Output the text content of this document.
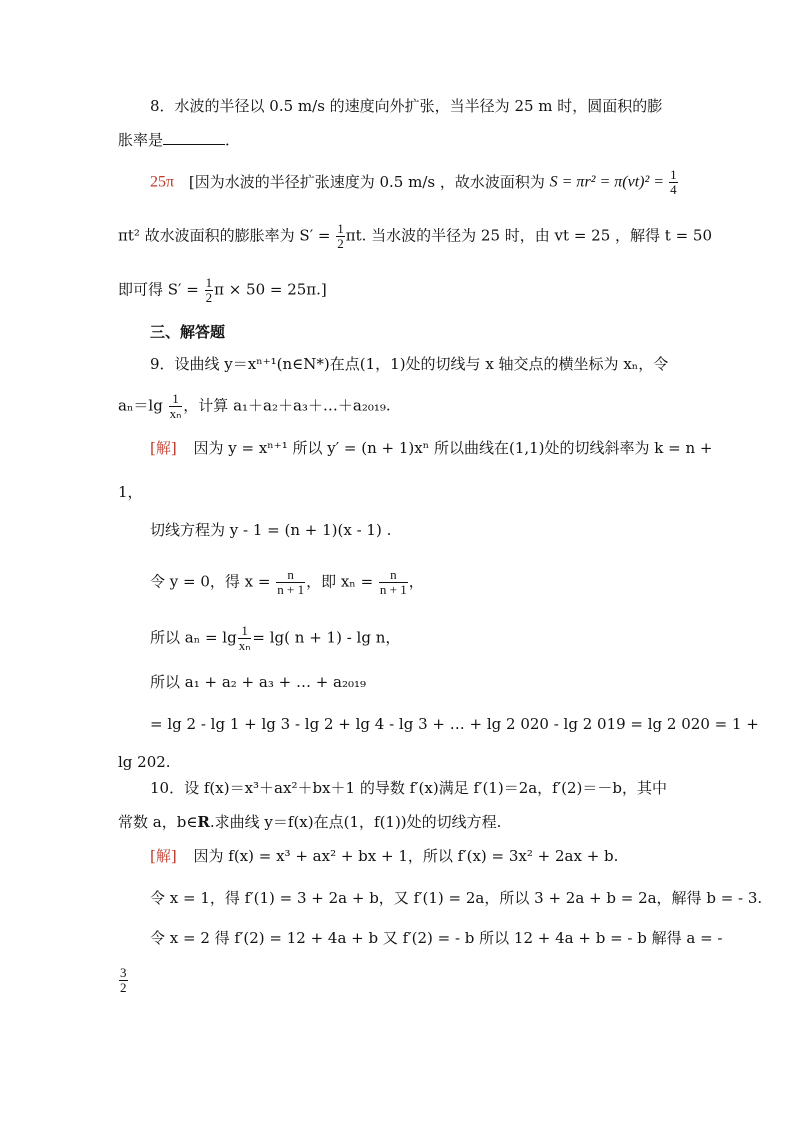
8．水波的半径以 0.5 m/s 的速度向外扩张，当半径为 25 m 时，圆面积的膨
胀率是	．
25π [因为水波的半径扩张速度为 0.5 m/s ，故水波面积为 $S = \pi r^2 = \pi(vt)^2 = \frac{1}{4}$
πt² 故水波面积的膨胀率为 $S' = \frac{1}{2} \pi t$. 当水波的半径为 25 时，由 vt = 25 ，解得 t = 50
即可得 $S' = \frac{1}{2}$ π × 50 = 25π.]
三、解答题
9．设曲线 y＝xⁿ⁺¹(n∈N*)在点(1，1)处的切线与 x 轴交点的横坐标为 xₙ，令
$a_n=\lg \frac{1}{\text{xₙ}}$ ，计算 a₁＋a₂＋a₃＋…＋a₂₀₁₉.
[解] 因为 y = xⁿ⁺¹ 所以 y′ = (n + 1)xⁿ 所以曲线在(1,1)处的切线斜率为 k = n +
1，
切线方程为 y - 1 = (n + 1)(x - 1) .
令 y = 0，得 $x = \frac{n}{n + 1}$ ，即 $x_n = \frac{n}{n + 1}$ ，
所以 $a_n = \lg \frac{1}{\text{xₙ}} = \lg$( n + 1) - lg n，
所以 a₁ + a₂ + a₃ + … + a₂₀₁₉
= lg 2 - lg 1 + lg 3 - lg 2 + lg 4 - lg 3 + … + lg 2 020 - lg 2 019 = lg 2 020 = 1 +
lg 202.
10．设 f(x)＝x³＋ax²＋bx＋1 的导数 f′(x)满足 f′(1)＝2a，f′(2)＝－b，其中
常数 a，b∈R.求曲线 y＝f(x)在点(1，f(1))处的切线方程.
[解] 因为 f(x) = x³ + ax² + bx + 1，所以 f′(x) = 3x² + 2ax + b.
令 x = 1，得 f′(1) = 3 + 2a + b，又 f′(1) = 2a，所以 3 + 2a + b = 2a，解得 b = - 3.
令 x = 2 得 f′(2) = 12 + 4a + b 又 f′(2) = - b 所以 12 + 4a + b = - b 解得 a = -
$\frac{3}{2}$
